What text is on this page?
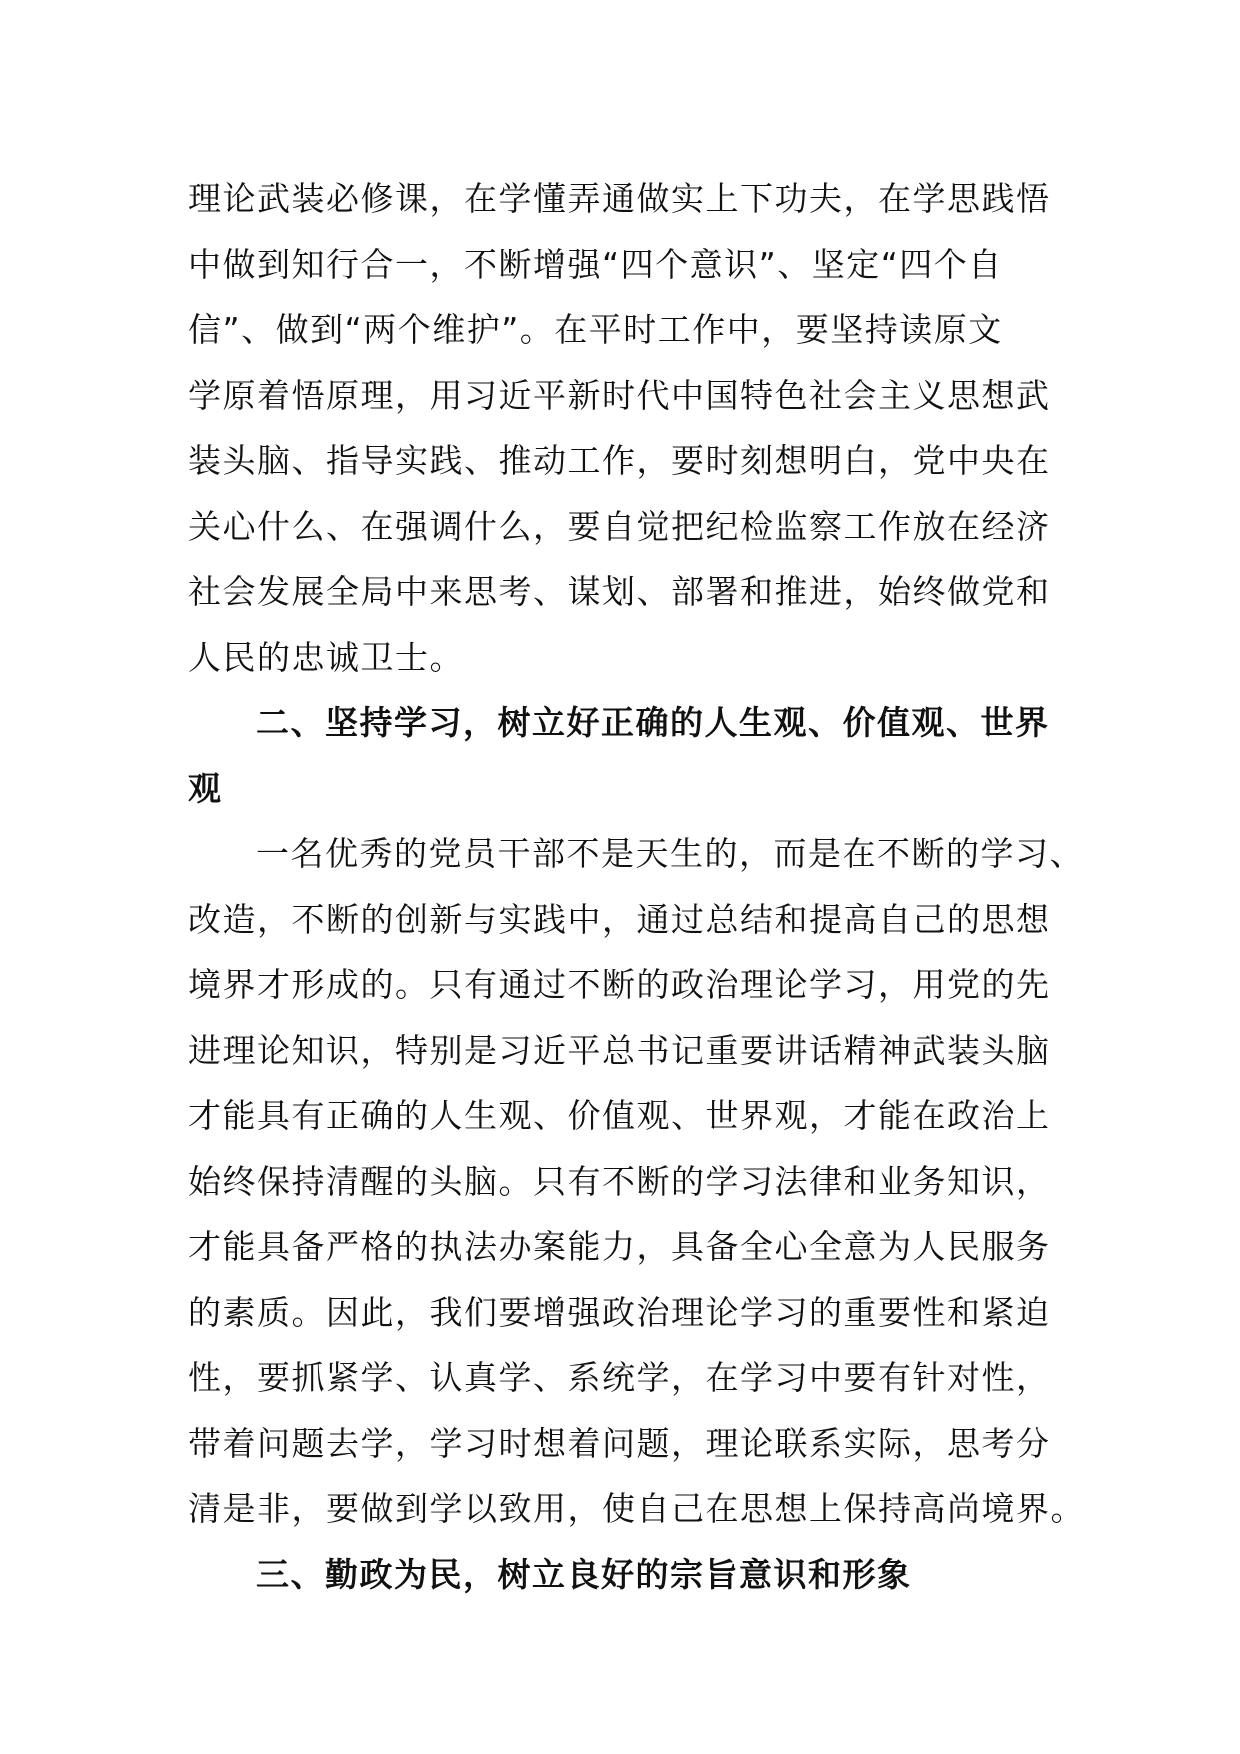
理论武装必修课，在学懂弄通做实上下功夫，在学思践悟
中做到知行合一，不断增强“四个意识”、坚定“四个自
信”、做到“两个维护”。在平时工作中，要坚持读原文
学原着悟原理，用习近平新时代中国特色社会主义思想武
装头脑、指导实践、推动工作，要时刻想明白，党中央在
关心什么、在强调什么，要自觉把纪检监察工作放在经济
社会发展全局中来思考、谋划、部署和推进，始终做党和
人民的忠诚卫士。
二、坚持学习，树立好正确的人生观、价值观、世界
观
一名优秀的党员干部不是天生的，而是在不断的学习、
改造，不断的创新与实践中，通过总结和提高自己的思想
境界才形成的。只有通过不断的政治理论学习，用党的先
进理论知识，特别是习近平总书记重要讲话精神武装头脑
才能具有正确的人生观、价值观、世界观，才能在政治上
始终保持清醒的头脑。只有不断的学习法律和业务知识，
才能具备严格的执法办案能力，具备全心全意为人民服务
的素质。因此，我们要增强政治理论学习的重要性和紧迫
性，要抓紧学、认真学、系统学，在学习中要有针对性，
带着问题去学，学习时想着问题，理论联系实际，思考分
清是非，要做到学以致用，使自己在思想上保持高尚境界。
三、勤政为民，树立良好的宗旨意识和形象
